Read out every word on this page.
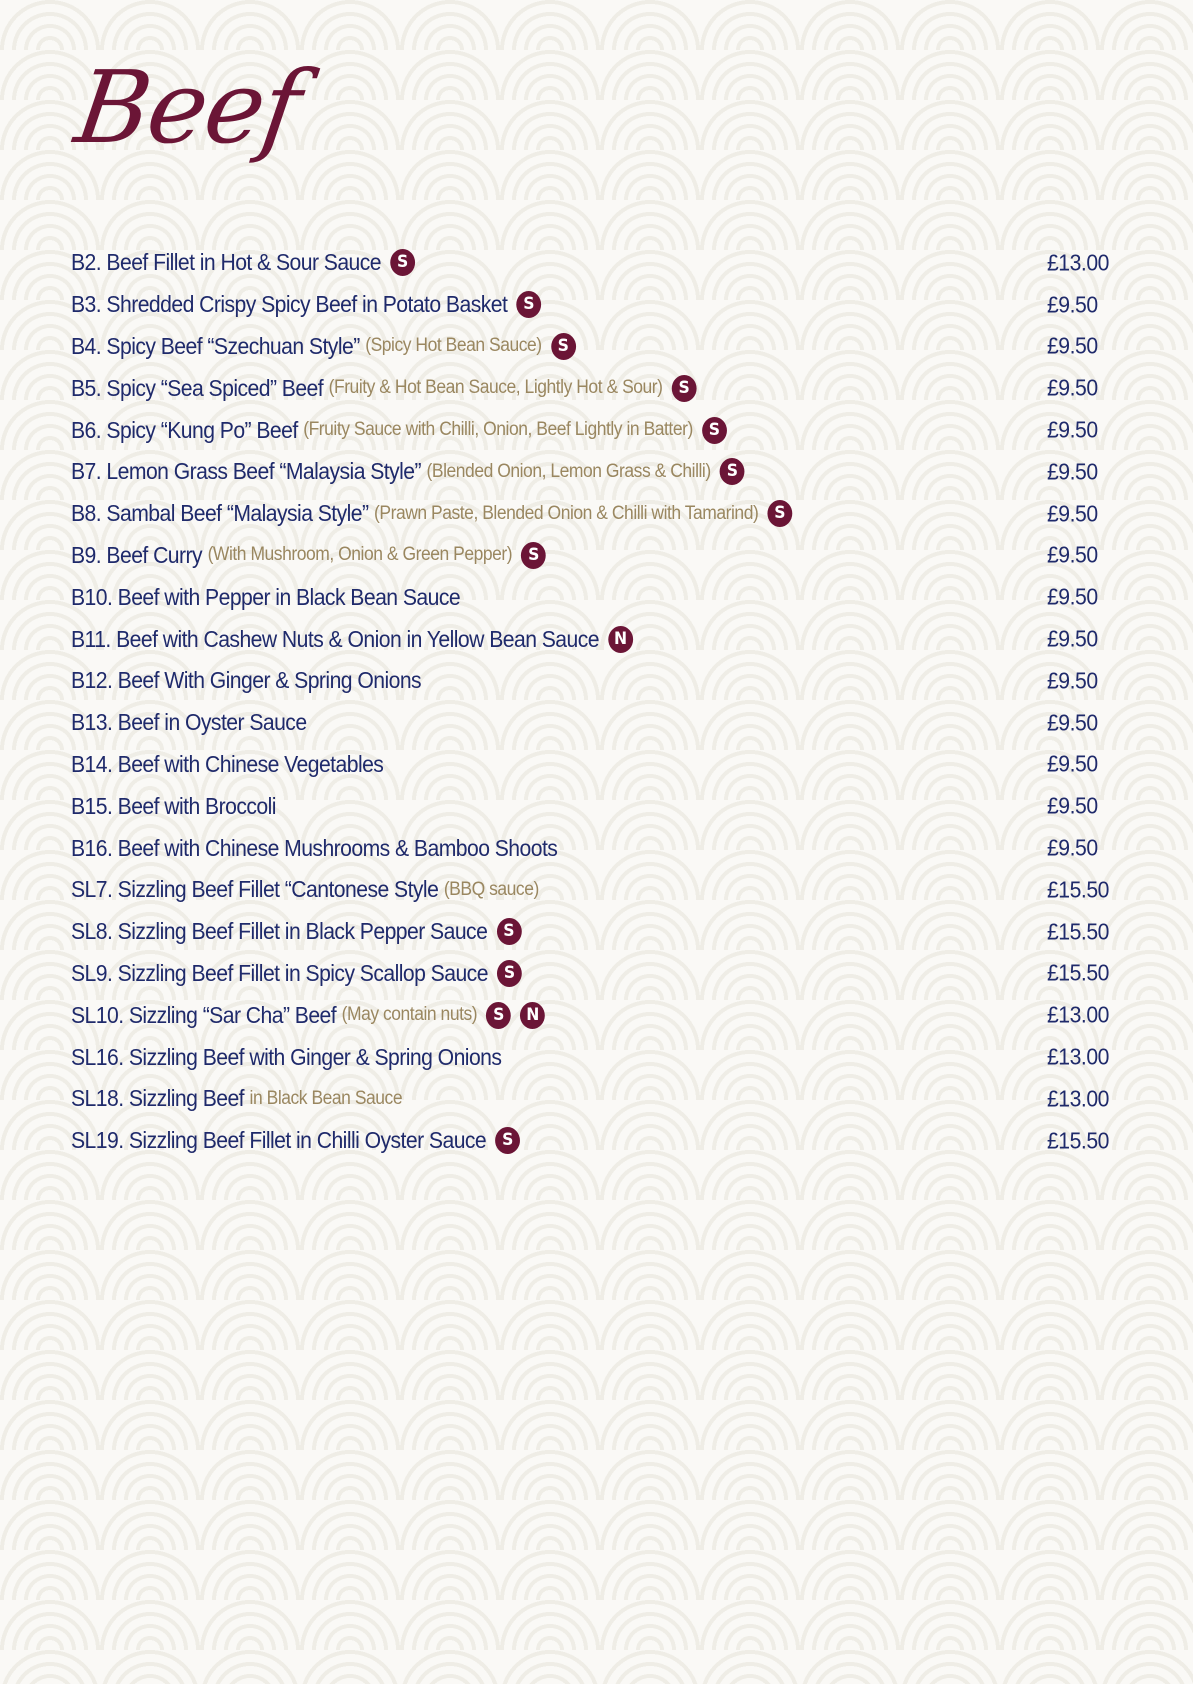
Beef
B2. Beef Fillet in Hot & Sour Sauce S	£13.00
B3. Shredded Crispy Spicy Beef in Potato Basket S	£9.50
B4. Spicy Beef “Szechuan Style” (Spicy Hot Bean Sauce) S	£9.50
B5. Spicy “Sea Spiced” Beef (Fruity & Hot Bean Sauce, Lightly Hot & Sour) S	£9.50
B6. Spicy “Kung Po” Beef (Fruity Sauce with Chilli, Onion, Beef Lightly in Batter) S	£9.50
B7. Lemon Grass Beef “Malaysia Style” (Blended Onion, Lemon Grass & Chilli) S	£9.50
B8. Sambal Beef “Malaysia Style” (Prawn Paste, Blended Onion & Chilli with Tamarind) S	£9.50
B9. Beef Curry (With Mushroom, Onion & Green Pepper) S	£9.50
B10. Beef with Pepper in Black Bean Sauce	£9.50
B11. Beef with Cashew Nuts & Onion in Yellow Bean Sauce N	£9.50
B12. Beef With Ginger & Spring Onions	£9.50
B13. Beef in Oyster Sauce	£9.50
B14. Beef with Chinese Vegetables	£9.50
B15. Beef with Broccoli	£9.50
B16. Beef with Chinese Mushrooms & Bamboo Shoots	£9.50
SL7. Sizzling Beef Fillet “Cantonese Style (BBQ sauce)	£15.50
SL8. Sizzling Beef Fillet in Black Pepper Sauce S	£15.50
SL9. Sizzling Beef Fillet in Spicy Scallop Sauce S	£15.50
SL10. Sizzling “Sar Cha” Beef (May contain nuts) S	N	£13.00
SL16. Sizzling Beef with Ginger & Spring Onions	£13.00
SL18. Sizzling Beef in Black Bean Sauce	£13.00
SL19. Sizzling Beef Fillet in Chilli Oyster Sauce S	£15.50
